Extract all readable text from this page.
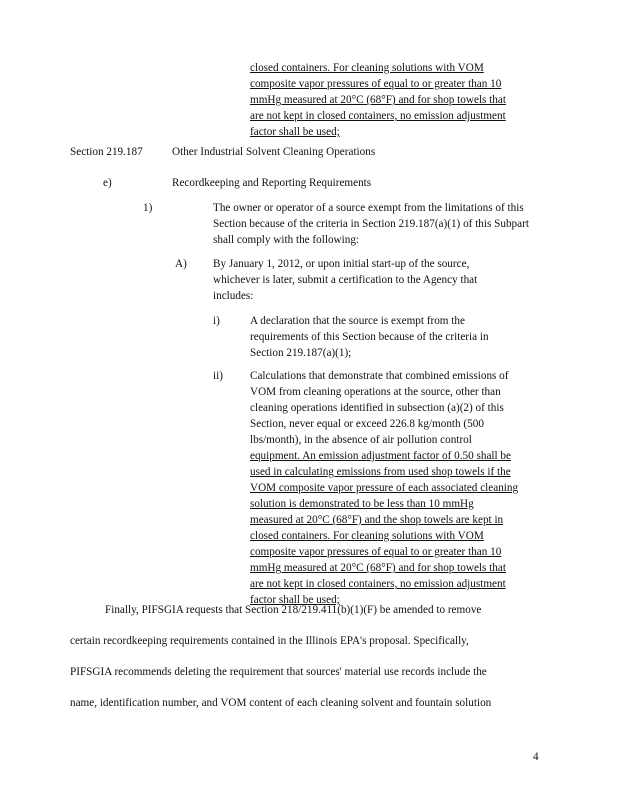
closed containers. For cleaning solutions with VOM
composite vapor pressures of equal to or greater than 10
mmHg measured at 20°C (68°F) and for shop towels that
are not kept in closed containers, no emission adjustment
factor shall be used;
Section 219.187	Other Industrial Solvent Cleaning Operations
e)	Recordkeeping and Reporting Requirements
1)	The owner or operator of a source exempt from the limitations of this
Section because of the criteria in Section 219.187(a)(1) of this Subpart
shall comply with the following:
A) By January 1, 2012, or upon initial start-up of the source,
whichever is later, submit a certification to the Agency that
includes:
i)	A declaration that the source is exempt from the
requirements of this Section because of the criteria in
Section 219.187(a)(1);
ii) Calculations that demonstrate that combined emissions of
VOM from cleaning operations at the source, other than
cleaning operations identified in subsection (a)(2) of this
Section, never equal or exceed 226.8 kg/month (500
lbs/month), in the absence of air pollution control
equipment. An emission adjustment factor of 0.50 shall be
used in calculating emissions from used shop towels if the
VOM composite vapor pressure of each associated cleaning
solution is demonstrated to be less than 10 mmHg
measured at 20°C (68°F) and the shop towels are kept in
closed containers. For cleaning solutions with VOM
composite vapor pressures of equal to or greater than 10
mmHg measured at 20°C (68°F) and for shop towels that
are not kept in closed containers, no emission adjustment
factor shall be used;
Finally, PIFSGIA requests that Section 218/219.411(b)(1)(F) be amended to remove
certain recordkeeping requirements contained in the Illinois EPA's proposal. Specifically,
PIFSGIA recommends deleting the requirement that sources' material use records include the
name, identification number, and VOM content of each cleaning solvent and fountain solution
4
